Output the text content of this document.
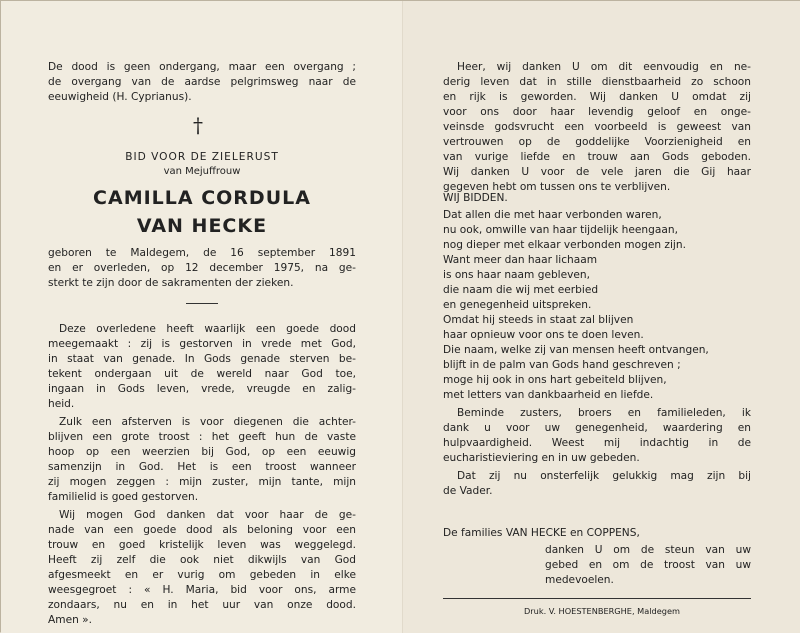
De dood is geen ondergang, maar een overgang ;
de overgang van de aardse pelgrimsweg naar de
eeuwigheid (H. Cyprianus).
†
BID VOOR DE ZIELERUST
van Mejuffrouw
CAMILLA CORDULA
VAN HECKE
geboren te Maldegem, de 16 september 1891
en er overleden, op 12 december 1975, na ge-
sterkt te zijn door de sakramenten der zieken.
Deze overledene heeft waarlijk een goede dood
meegemaakt : zij is gestorven in vrede met God,
in staat van genade. In Gods genade sterven be-
tekent ondergaan uit de wereld naar God toe,
ingaan in Gods leven, vrede, vreugde en zalig-
heid.
Zulk een afsterven is voor diegenen die achter-
blijven een grote troost : het geeft hun de vaste
hoop op een weerzien bij God, op een eeuwig
samenzijn in God. Het is een troost wanneer
zij mogen zeggen : mijn zuster, mijn tante, mijn
familielid is goed gestorven.
Wij mogen God danken dat voor haar de ge-
nade van een goede dood als beloning voor een
trouw en goed kristelijk leven was weggelegd.
Heeft zij zelf die ook niet dikwijls van God
afgesmeekt en er vurig om gebeden in elke
weesgegroet : « H. Maria, bid voor ons, arme
zondaars, nu en in het uur van onze dood.
Amen ».
Heer, wij danken U om dit eenvoudig en ne-
derig leven dat in stille dienstbaarheid zo schoon
en rijk is geworden. Wij danken U omdat zij
voor ons door haar levendig geloof en onge-
veinsde godsvrucht een voorbeeld is geweest van
vertrouwen op de goddelijke Voorzienigheid en
van vurige liefde en trouw aan Gods geboden.
Wij danken U voor de vele jaren die Gij haar
gegeven hebt om tussen ons te verblijven.
WIJ BIDDEN.
Dat allen die met haar verbonden waren,
nu ook, omwille van haar tijdelijk heengaan,
nog dieper met elkaar verbonden mogen zijn.
Want meer dan haar lichaam
is ons haar naam gebleven,
die naam die wij met eerbied
en genegenheid uitspreken.
Omdat hij steeds in staat zal blijven
haar opnieuw voor ons te doen leven.
Die naam, welke zij van mensen heeft ontvangen,
blijft in de palm van Gods hand geschreven ;
moge hij ook in ons hart gebeiteld blijven,
met letters van dankbaarheid en liefde.
Beminde zusters, broers en familieleden, ik
dank u voor uw genegenheid, waardering en
hulpvaardigheid. Weest mij indachtig in de
eucharistieviering en in uw gebeden.
Dat zij nu onsterfelijk gelukkig mag zijn bij
de Vader.
De families VAN HECKE en COPPENS,
danken U om de steun van uw
gebed en om de troost van uw
medevoelen.
Druk. V. HOESTENBERGHE, Maldegem
